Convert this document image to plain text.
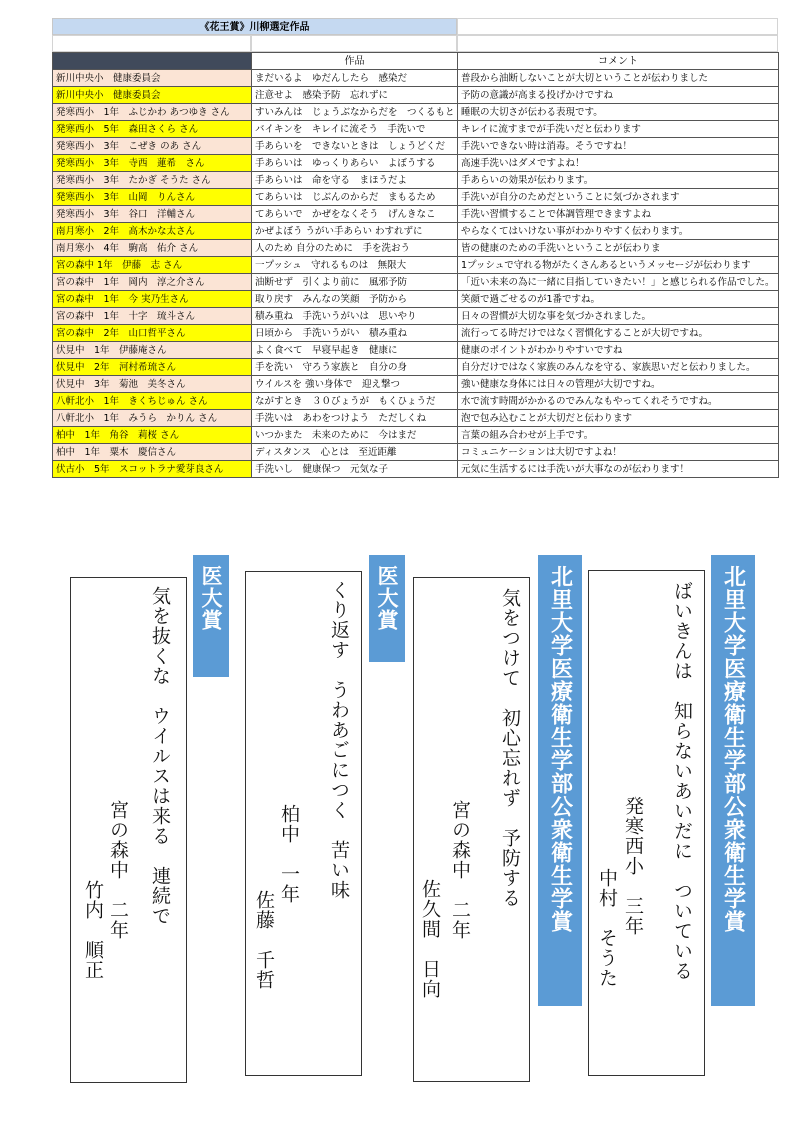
《花王賞》川柳選定作品
	作品	コメント
新川中央小　健康委員会	まだいるよ　ゆだんしたら　感染だ	普段から油断しないことが大切ということが伝わりました
新川中央小　健康委員会	注意せよ　感染予防　忘れずに	予防の意識が高まる投げかけですね
発寒西小　1年　ふじかわ あつゆき さん	すいみんは　じょうぶなからだを　つくるもと	睡眠の大切さが伝わる表現です。
発寒西小　5年　森田さくら さん	バイキンを　キレイに流そう　手洗いで	キレイに流すまでが手洗いだと伝わります
発寒西小　3年　こぜき のあ さん	手あらいを　できないときは　しょうどくだ	手洗いできない時は消毒。そうですね！
発寒西小　3年　寺西　蓮希　さん	手あらいは　ゆっくりあらい　よぼうする	高速手洗いはダメですよね！
発寒西小　3年　たかぎ そうた さん	手あらいは　命を守る　まほうだよ	手あらいの効果が伝わります。
発寒西小　3年　山岡　りんさん	てあらいは　じぶんのからだ　まもるため	手洗いが自分のためだということに気づかされます
発寒西小　3年　谷口　洋輔さん	てあらいで　かぜをなくそう　げんきなこ	手洗い習慣することで体調管理できますよね
南月寒小　2年　高木かな太さん	かぜよぼう うがい手あらい わすれずに	やらなくてはいけない事がわかりやすく伝わります。
南月寒小　4年　駒高　佑介 さん	人のため 自分のために　手を洗おう	皆の健康のための手洗いということが伝わりま
宮の森中 1年　伊藤　志 さん	一プッシュ　守れるものは　無限大	1プッシュで守れる物がたくさんあるというメッセージが伝わります
宮の森中　1年　岡内　淳之介さん	油断せず　引くより前に　風邪予防	「近い未来の為に一緒に目指していきたい！」と感じられる作品でした。
宮の森中　1年　今 実乃生さん	取り戻す　みんなの笑顔　予防から	笑顔で過ごせるのが1番ですね。
宮の森中　1年　十字　琉斗さん	積み重ね　手洗いうがいは　思いやり	日々の習慣が大切な事を気づかされました。
宮の森中　2年　山口哲平さん	日頃から　手洗いうがい　積み重ね	流行ってる時だけではなく習慣化することが大切ですね。
伏見中　1年　伊藤庵さん	よく食べて　早寝早起き　健康に	健康のポイントがわかりやすいですね
伏見中　2年　河村希琉さん	手を洗い　守ろう家族と　自分の身	自分だけではなく家族のみんなを守る、家族思いだと伝わりました。
伏見中　3年　菊池　美冬さん	ウイルスを 強い身体で　迎え撃つ	強い健康な身体には日々の管理が大切ですね。
八軒北小　1年　きくちじゅん さん	ながすとき　３０びょうが　もくひょうだ	水で流す時間がかかるのでみんなもやってくれそうですね。
八軒北小　1年　みうら　かりん さん	手洗いは　あわをつけよう　ただしくね	泡で包み込むことが大切だと伝わります
柏中　1年　角谷　莉桜 さん	いつかまた　未来のために　今はまだ	言葉の組み合わせが上手です。
柏中　1年　粟木　慶信さん	ディスタンス　心とは　至近距離	コミュニケーションは大切ですよね！
伏古小　5年　スコットラナ愛芽良さん	手洗いし　健康保つ　元気な子	元気に生活するには手洗いが大事なのが伝わります！
気を抜くな　ウイルスは来る　連続で
宮の森中　二年
竹内　順正
医大賞	くり返す　うわあごにつく　苦い味
柏中　一年
佐藤　千哲
医大賞	気をつけて　初心忘れず　予防する
宮の森中　二年
佐久間　日向
北里大学医療衛生学部公衆衛生学賞	ばいきんは　知らないあいだに　ついている
発寒西小　三年
中村　そうた	北里大学医療衛生学部公衆衛生学賞
